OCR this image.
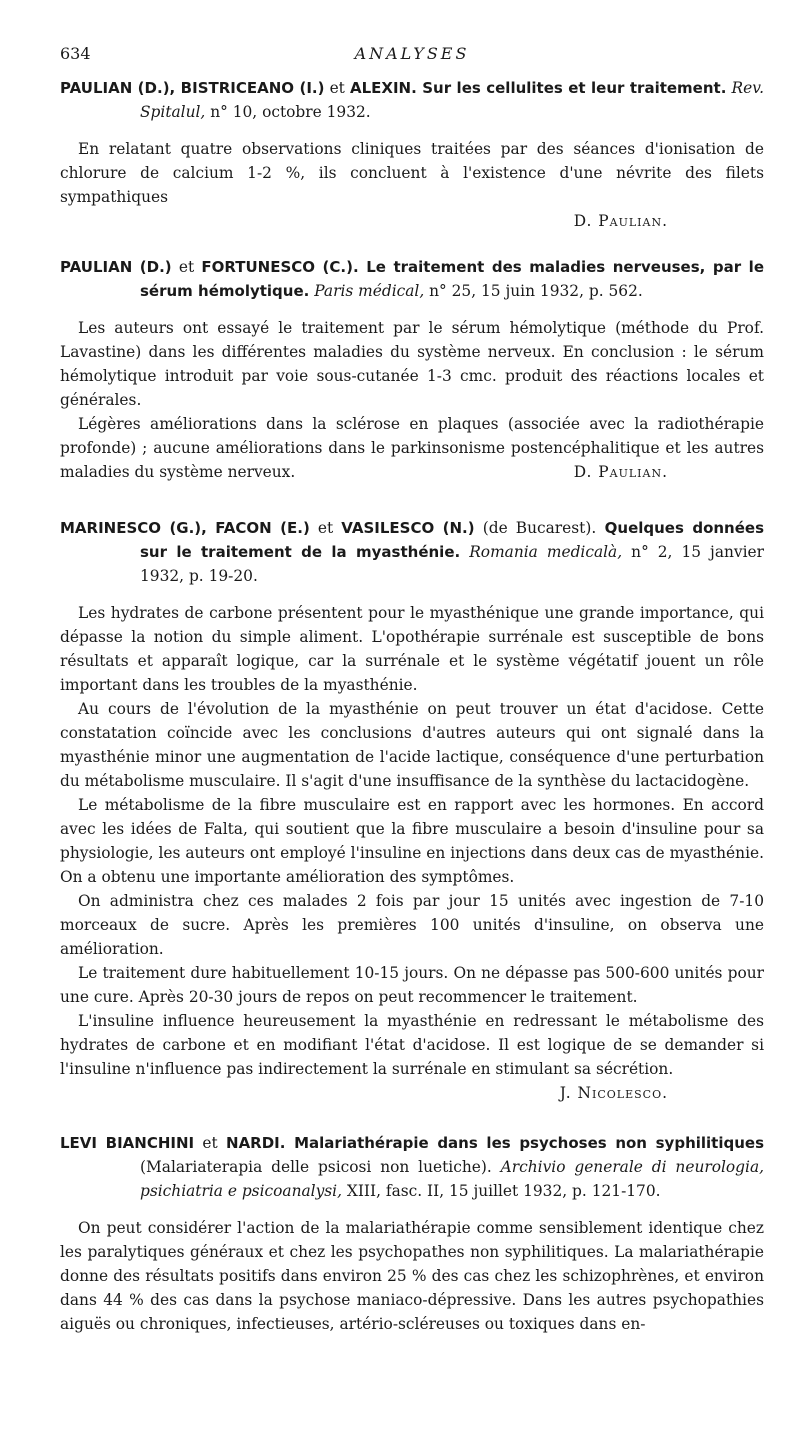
634	ANALYSES

PAULIAN (D.), BISTRICEANO (I.) et ALEXIN. Sur les cellulites et leur traitement. Rev. Spitalul, n° 10, octobre 1932.

En relatant quatre observations cliniques traitées par des séances d'ionisation de chlorure de calcium 1-2 %, ils concluent à l'existence d'une névrite des filets sympathiques

D. Paulian.

PAULIAN (D.) et FORTUNESCO (C.). Le traitement des maladies nerveuses, par le sérum hémolytique. Paris médical, n° 25, 15 juin 1932, p. 562.

Les auteurs ont essayé le traitement par le sérum hémolytique (méthode du Prof. Lavastine) dans les différentes maladies du système nerveux. En conclusion : le sérum hémolytique introduit par voie sous-cutanée 1-3 cmc. produit des réactions locales et générales.

Légères améliorations dans la sclérose en plaques (associée avec la radiothérapie profonde) ; aucune améliorations dans le parkinsonisme postencéphalitique et les autres maladies du système nerveux.	D. Paulian.

MARINESCO (G.), FACON (E.) et VASILESCO (N.) (de Bucarest). Quelques données sur le traitement de la myasthénie. Romania medicalà, n° 2, 15 janvier 1932, p. 19-20.

Les hydrates de carbone présentent pour le myasthénique une grande importance, qui dépasse la notion du simple aliment. L'opothérapie surrénale est susceptible de bons résultats et apparaît logique, car la surrénale et le système végétatif jouent un rôle important dans les troubles de la myasthénie.

Au cours de l'évolution de la myasthénie on peut trouver un état d'acidose. Cette constatation coïncide avec les conclusions d'autres auteurs qui ont signalé dans la myasthénie minor une augmentation de l'acide lactique, conséquence d'une perturbation du métabolisme musculaire. Il s'agit d'une insuffisance de la synthèse du lactacidogène.

Le métabolisme de la fibre musculaire est en rapport avec les hormones. En accord avec les idées de Falta, qui soutient que la fibre musculaire a besoin d'insuline pour sa physiologie, les auteurs ont employé l'insuline en injections dans deux cas de myasthénie. On a obtenu une importante amélioration des symptômes.

On administra chez ces malades 2 fois par jour 15 unités avec ingestion de 7-10 morceaux de sucre. Après les premières 100 unités d'insuline, on observa une amélioration.

Le traitement dure habituellement 10-15 jours. On ne dépasse pas 500-600 unités pour une cure. Après 20-30 jours de repos on peut recommencer le traitement.

L'insuline influence heureusement la myasthénie en redressant le métabolisme des hydrates de carbone et en modifiant l'état d'acidose. Il est logique de se demander si l'insuline n'influence pas indirectement la surrénale en stimulant sa sécrétion.

J. Nicolesco.

LEVI BIANCHINI et NARDI. Malariathérapie dans les psychoses non syphilitiques (Malariaterapia delle psicosi non luetiche). Archivio generale di neurologia, psichiatria e psicoanalysi, XIII, fasc. II, 15 juillet 1932, p. 121-170.

On peut considérer l'action de la malariathérapie comme sensiblement identique chez les paralytiques généraux et chez les psychopathes non syphilitiques. La malariathérapie donne des résultats positifs dans environ 25 % des cas chez les schizophrènes, et environ dans 44 % des cas dans la psychose maniaco-dépressive. Dans les autres psychopathies aiguës ou chroniques, infectieuses, artério-scléreuses ou toxiques dans en-
